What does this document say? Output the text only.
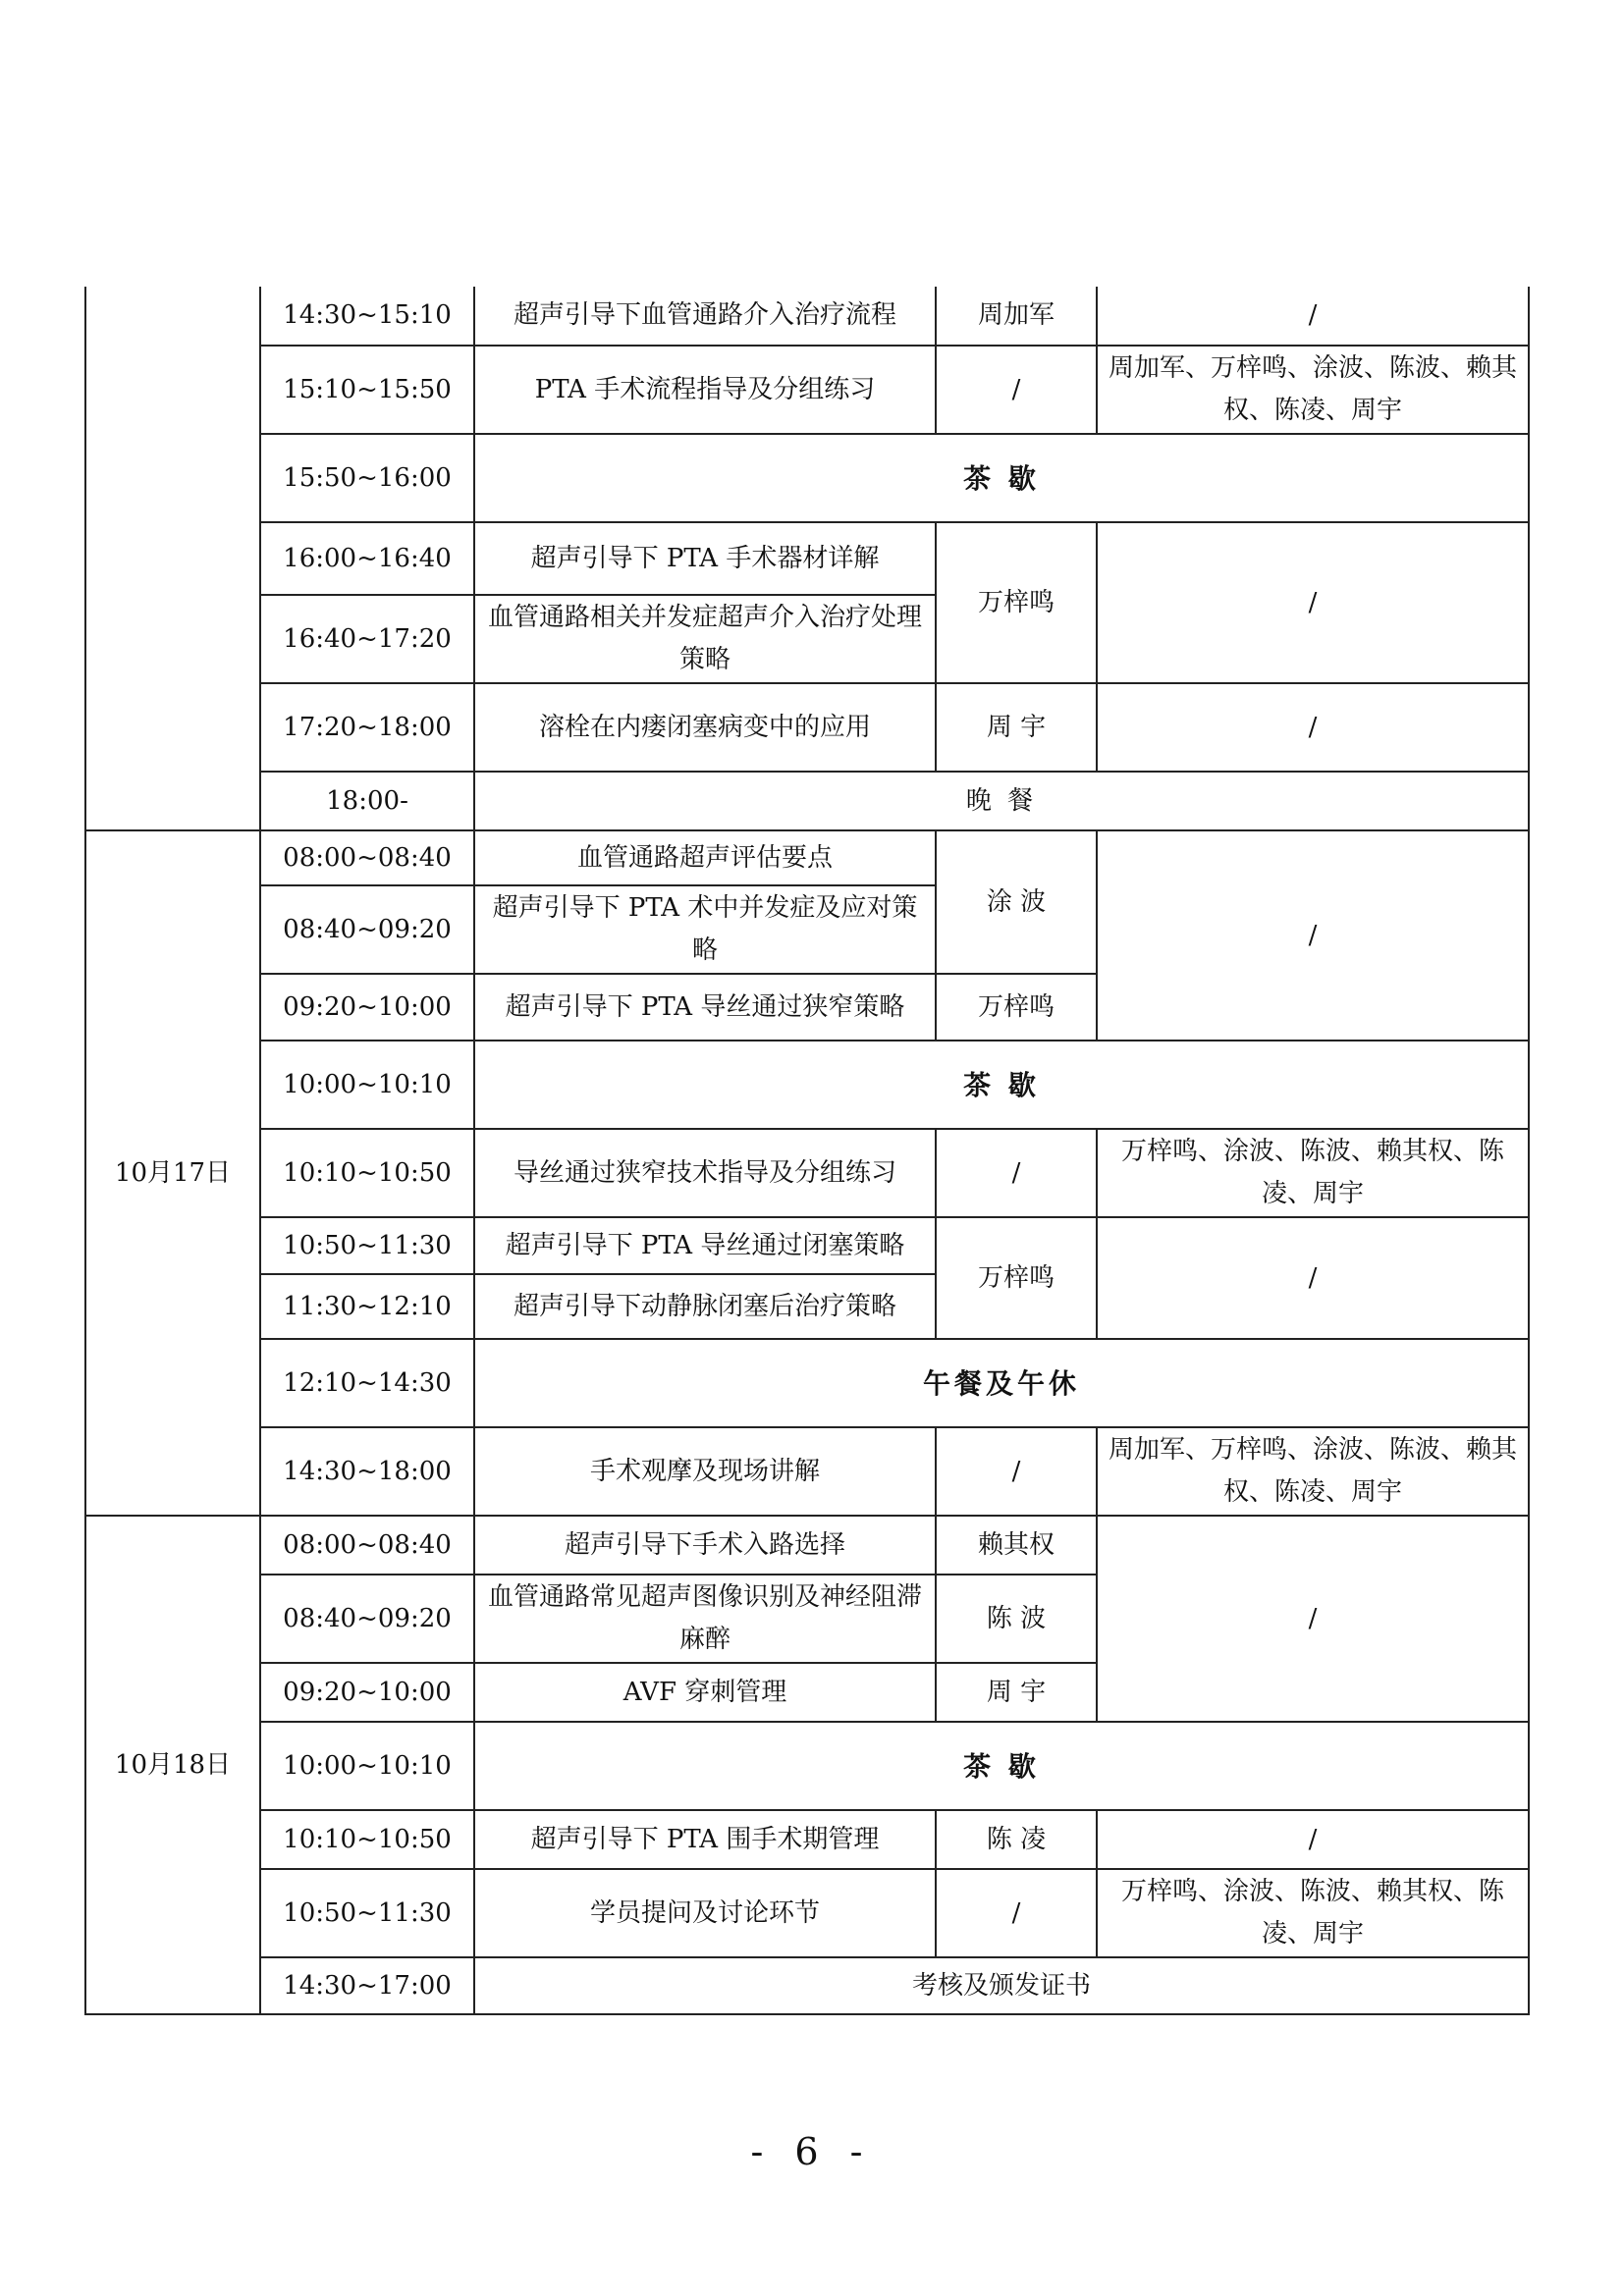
	14:30~15:10	超声引导下血管通路介入治疗流程	周加军	/
	15:10~15:50	PTA 手术流程指导及分组练习	/	周加军、万梓鸣、涂波、陈波、赖其权、陈凌、周宇
	15:50~16:00	茶 歇		
	16:00~16:40	超声引导下 PTA 手术器材详解	万梓鸣	/
	16:40~17:20	血管通路相关并发症超声介入治疗处理策略		
	17:20~18:00	溶栓在内瘘闭塞病变中的应用	周 宇	/
	18:00-	晚 餐		
10月17日	08:00~08:40	血管通路超声评估要点	涂 波	/
	08:40~09:20	超声引导下 PTA 术中并发症及应对策略		
	09:20~10:00	超声引导下 PTA 导丝通过狭窄策略	万梓鸣	
	10:00~10:10	茶 歇		
	10:10~10:50	导丝通过狭窄技术指导及分组练习	/	万梓鸣、涂波、陈波、赖其权、陈凌、周宇
	10:50~11:30	超声引导下 PTA 导丝通过闭塞策略	万梓鸣	/
	11:30~12:10	超声引导下动静脉闭塞后治疗策略		
	12:10~14:30	午餐及午休		
	14:30~18:00	手术观摩及现场讲解	/	周加军、万梓鸣、涂波、陈波、赖其权、陈凌、周宇
10月18日	08:00~08:40	超声引导下手术入路选择	赖其权	/
	08:40~09:20	血管通路常见超声图像识别及神经阻滞麻醉	陈 波	
	09:20~10:00	AVF 穿刺管理	周 宇	
	10:00~10:10	茶 歇		
	10:10~10:50	超声引导下 PTA 围手术期管理	陈 凌	/
	10:50~11:30	学员提问及讨论环节	/	万梓鸣、涂波、陈波、赖其权、陈凌、周宇
	14:30~17:00	考核及颁发证书		
- 6 -
